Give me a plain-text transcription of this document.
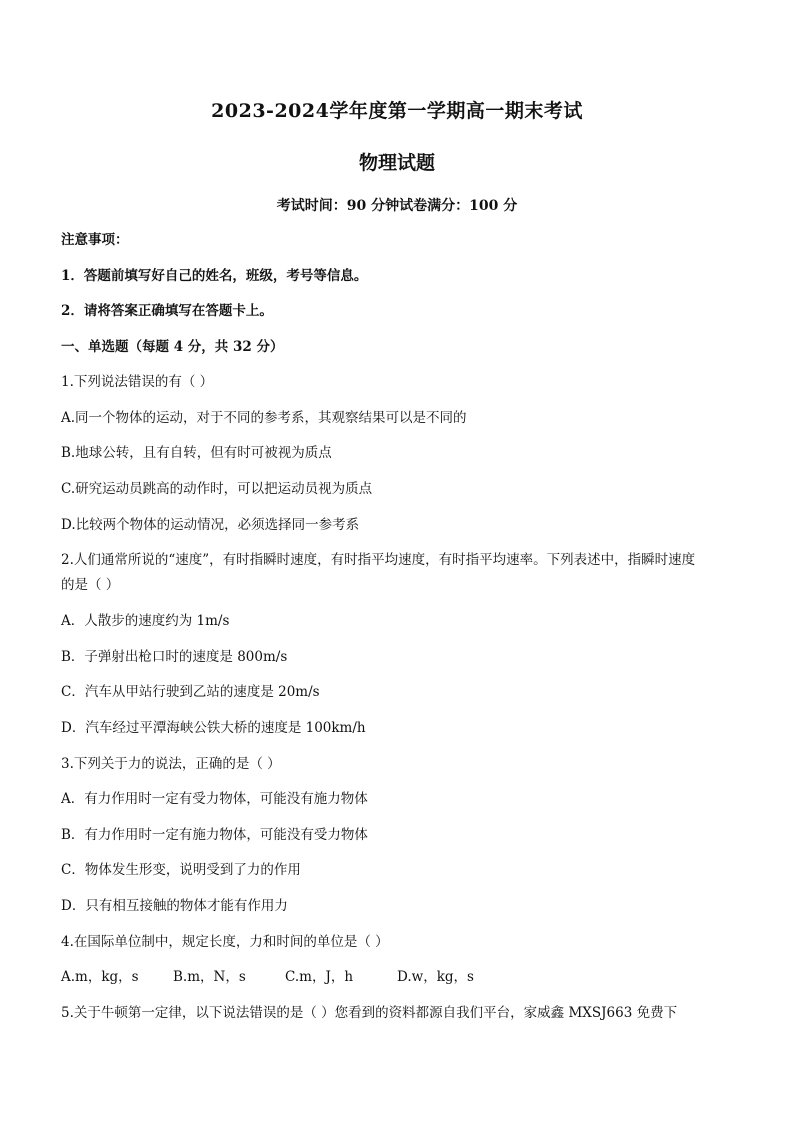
2023-2024学年度第一学期高一期末考试
物理试题
考试时间：90 分钟试卷满分：100 分
注意事项：
1．答题前填写好自己的姓名，班级，考号等信息。
2．请将答案正确填写在答题卡上。
一、单选题（每题 4 分，共 32 分）
1.下列说法错误的有（ ）
A.同一个物体的运动，对于不同的参考系，其观察结果可以是不同的
B.地球公转，且有自转，但有时可被视为质点
C.研究运动员跳高的动作时，可以把运动员视为质点
D.比较两个物体的运动情况，必须选择同一参考系
2.人们通常所说的“速度”，有时指瞬时速度，有时指平均速度，有时指平均速率。下列表述中，指瞬时速度
的是（ ）
A．人散步的速度约为 1m/s
B．子弹射出枪口时的速度是 800m/s
C．汽车从甲站行驶到乙站的速度是 20m/s
D．汽车经过平潭海峡公铁大桥的速度是 100km/h
3.下列关于力的说法，正确的是（ ）
A．有力作用时一定有受力物体，可能没有施力物体
B．有力作用时一定有施力物体，可能没有受力物体
C．物体发生形变，说明受到了力的作用
D．只有相互接触的物体才能有作用力
4.在国际单位制中，规定长度，力和时间的单位是（ ）
A.m，kg，s	B.m，N，s	C.m，J，h	D.w，kg，s
5.关于牛顿第一定律，以下说法错误的是（ ）您看到的资料都源自我们平台，家威鑫 MXSJ663 免费下
